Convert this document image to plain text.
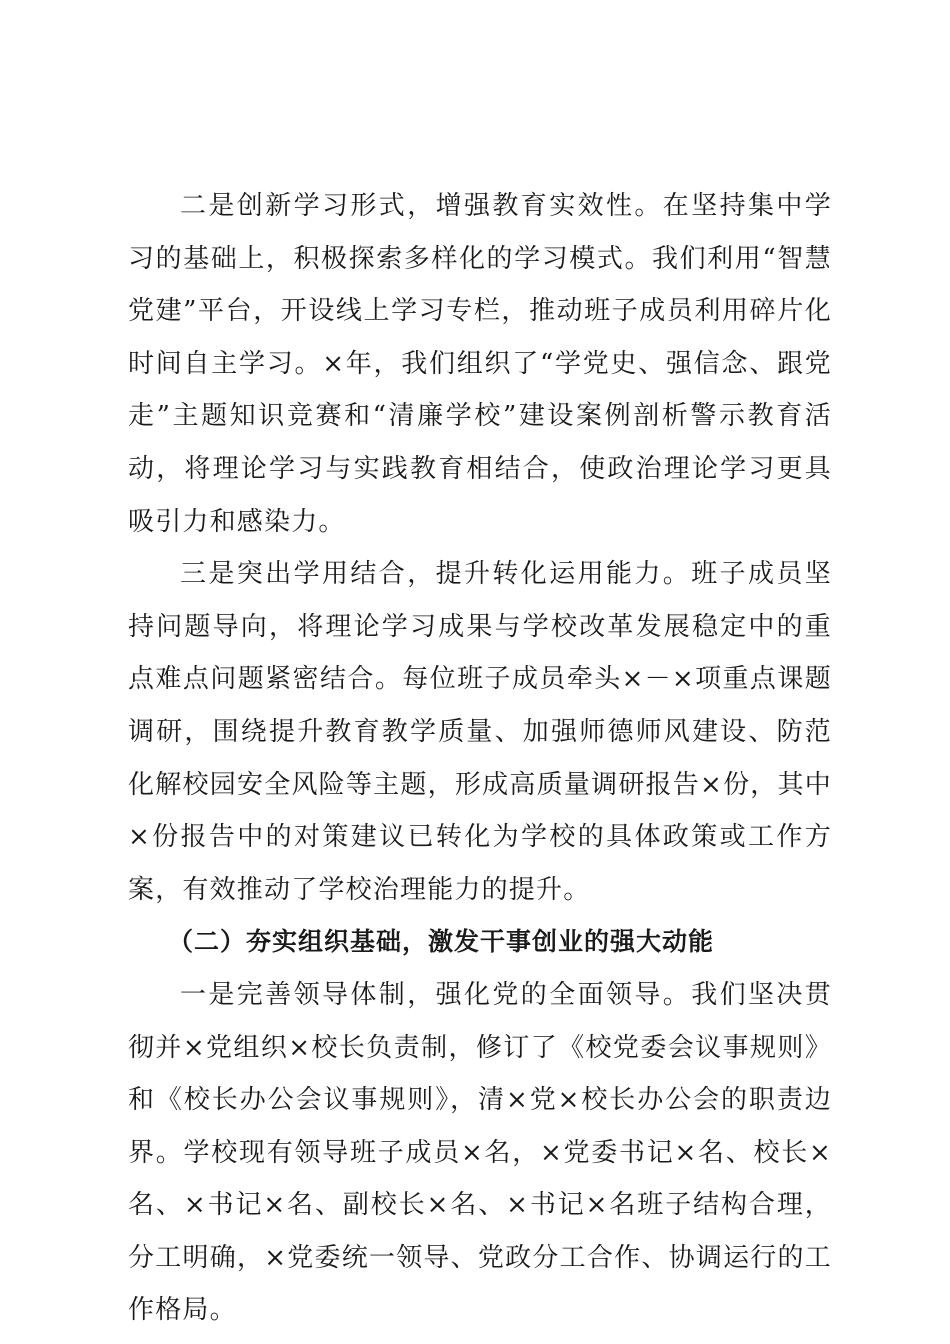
二是创新学习形式，增强教育实效性。在坚持集中学习的基础上，积极探索多样化的学习模式。我们利用“智慧党建”平台，开设线上学习专栏，推动班子成员利用碎片化时间自主学习。×年，我们组织了“学党史、强信念、跟党走”主题知识竞赛和“清廉学校”建设案例剖析警示教育活动，将理论学习与实践教育相结合，使政治理论学习更具吸引力和感染力。

三是突出学用结合，提升转化运用能力。班子成员坚持问题导向，将理论学习成果与学校改革发展稳定中的重点难点问题紧密结合。每位班子成员牵头×－×项重点课题调研，围绕提升教育教学质量、加强师德师风建设、防范化解校园安全风险等主题，形成高质量调研报告×份，其中×份报告中的对策建议已转化为学校的具体政策或工作方案，有效推动了学校治理能力的提升。

（二）夯实组织基础，激发干事创业的强大动能

一是完善领导体制，强化党的全面领导。我们坚决贯彻并×党组织×校长负责制，修订了《校党委会议事规则》和《校长办公会议事规则》，清×党×校长办公会的职责边界。学校现有领导班子成员×名，×党委书记×名、校长×名、×书记×名、副校长×名、×书记×名班子结构合理，分工明确，×党委统一领导、党政分工合作、协调运行的工作格局。
